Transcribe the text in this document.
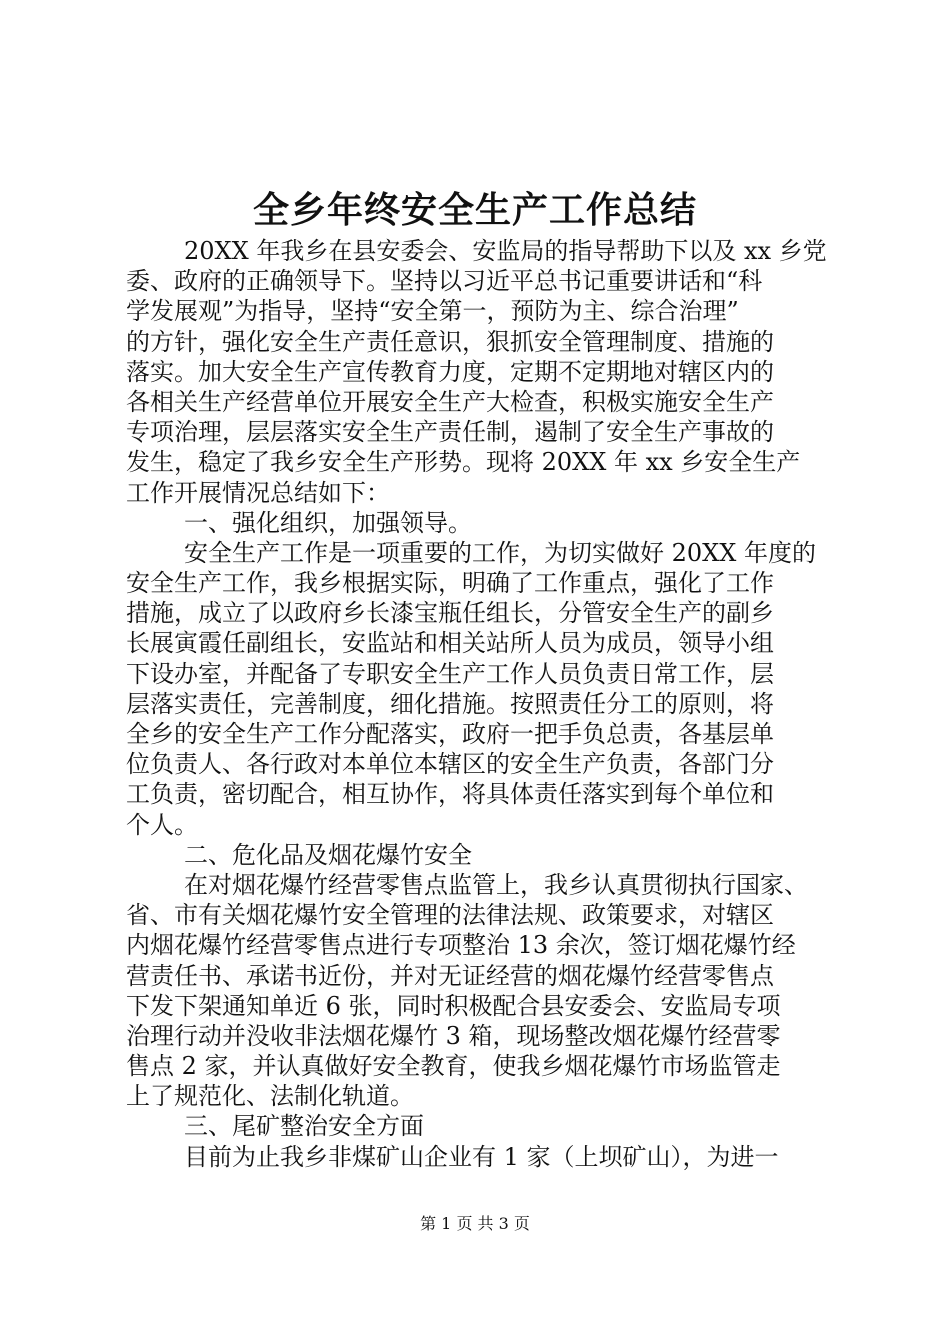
全乡年终安全生产工作总结

20XX 年我乡在县安委会、安监局的指导帮助下以及 xx 乡党

委、政府的正确领导下。坚持以习近平总书记重要讲话和“科

学发展观”为指导，坚持“安全第一，预防为主、综合治理”

的方针，强化安全生产责任意识，狠抓安全管理制度、措施的

落实。加大安全生产宣传教育力度，定期不定期地对辖区内的

各相关生产经营单位开展安全生产大检查，积极实施安全生产

专项治理，层层落实安全生产责任制，遏制了安全生产事故的

发生，稳定了我乡安全生产形势。现将 20XX 年 xx 乡安全生产

工作开展情况总结如下：

一、强化组织，加强领导。

安全生产工作是一项重要的工作，为切实做好 20XX 年度的

安全生产工作，我乡根据实际，明确了工作重点，强化了工作

措施，成立了以政府乡长漆宝瓶任组长，分管安全生产的副乡

长展寅霞任副组长，安监站和相关站所人员为成员，领导小组

下设办室，并配备了专职安全生产工作人员负责日常工作，层

层落实责任，完善制度，细化措施。按照责任分工的原则，将

全乡的安全生产工作分配落实，政府一把手负总责，各基层单

位负责人、各行政对本单位本辖区的安全生产负责，各部门分

工负责，密切配合，相互协作，将具体责任落实到每个单位和

个人。

二、危化品及烟花爆竹安全

在对烟花爆竹经营零售点监管上，我乡认真贯彻执行国家、

省、市有关烟花爆竹安全管理的法律法规、政策要求，对辖区

内烟花爆竹经营零售点进行专项整治 13 余次，签订烟花爆竹经

营责任书、承诺书近份，并对无证经营的烟花爆竹经营零售点

下发下架通知单近 6 张，同时积极配合县安委会、安监局专项

治理行动并没收非法烟花爆竹 3 箱，现场整改烟花爆竹经营零

售点 2 家，并认真做好安全教育，使我乡烟花爆竹市场监管走

上了规范化、法制化轨道。

三、尾矿整治安全方面

目前为止我乡非煤矿山企业有 1 家（上坝矿山），为进一

第 1 页 共 3 页
